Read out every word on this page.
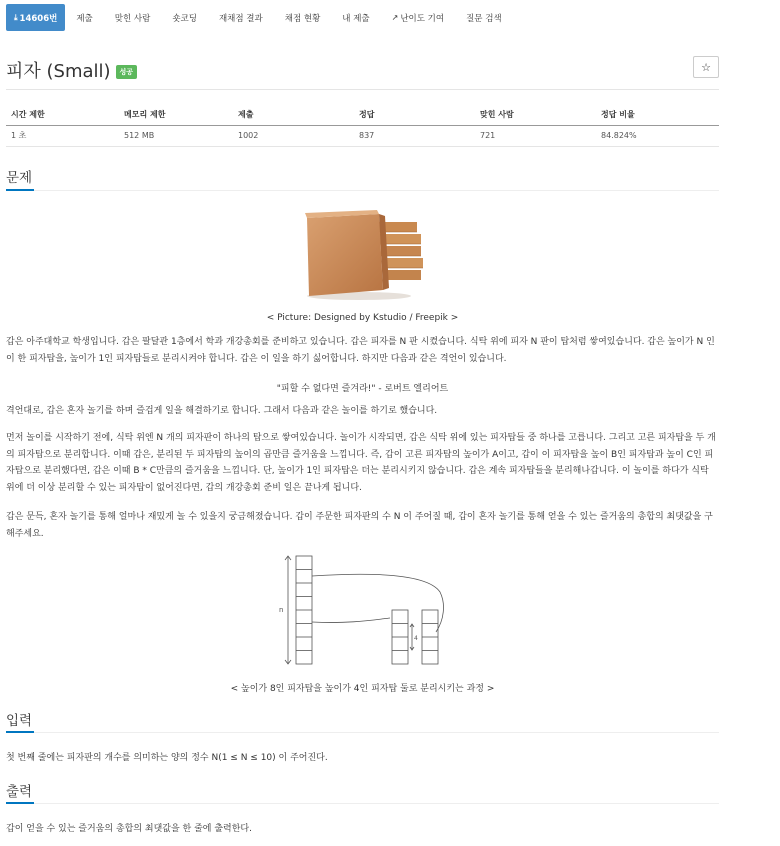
⤓ 14606번 제출	맞힌 사람	숏코딩	재채점 결과	채점 현황	내 제출	↗ 난이도 기여	질문 검색
피자 (Small)	성공	☆
시간 제한	메모리 제한	제출	정답	맞힌 사람	정답 비율
1 초	512 MB	1002	837	721	84.824%
문제
< Picture: Designed by Kstudio / Freepik >
갑은 아주대학교 학생입니다. 갑은 팔달관 1층에서 학과 개강총회를 준비하고 있습니다. 갑은 피자를 N 판 시켰습니다. 식탁 위에 피자 N 판이 탑처럼 쌓여있습니다. 갑은 높이가 N 인 이 한 피자탑을, 높이가 1인 피자탑들로 분리시켜야 합니다. 갑은 이 일을 하기 싫어합니다. 하지만 다음과 같은 격언이 있습니다.
"피할 수 없다면 즐겨라!" - 로버트 엘리어트
격언대로, 갑은 혼자 놀기를 하며 즐겁게 일을 해결하기로 합니다. 그래서 다음과 같은 놀이를 하기로 했습니다.
먼저 놀이를 시작하기 전에, 식탁 위엔 N 개의 피자판이 하나의 탑으로 쌓여있습니다. 놀이가 시작되면, 갑은 식탁 위에 있는 피자탑들 중 하나를 고릅니다. 그리고 고른 피자탑을 두 개의 피자탑으로 분리합니다. 이때 갑은, 분리된 두 피자탑의 높이의 곱만큼 즐거움을 느낍니다. 즉, 갑이 고른 피자탑의 높이가 A이고, 갑이 이 피자탑을 높이 B인 피자탑과 높이 C인 피자탑으로 분리했다면, 갑은 이때 B * C만큼의 즐거움을 느낍니다. 단, 높이가 1인 피자탑은 더는 분리시키지 않습니다. 갑은 계속 피자탑들을 분리해나갑니다. 이 놀이를 하다가 식탁 위에 더 이상 분리할 수 있는 피자탑이 없어진다면, 갑의 개강총회 준비 일은 끝나게 됩니다.
갑은 문득, 혼자 놀기를 통해 얼마나 재밌게 놀 수 있을지 궁금해졌습니다. 갑이 주문한 피자판의 수 N 이 주어질 때, 갑이 혼자 놀기를 통해 얻을 수 있는 즐거움의 총합의 최댓값을 구해주세요.
n
4
< 높이가 8인 피자탑을 높이가 4인 피자탑 둘로 분리시키는 과정 >
입력
첫 번째 줄에는 피자판의 개수를 의미하는 양의 정수 N(1 ≤ N ≤ 10) 이 주어진다.
출력
갑이 얻을 수 있는 즐거움의 총합의 최댓값을 한 줄에 출력한다.
